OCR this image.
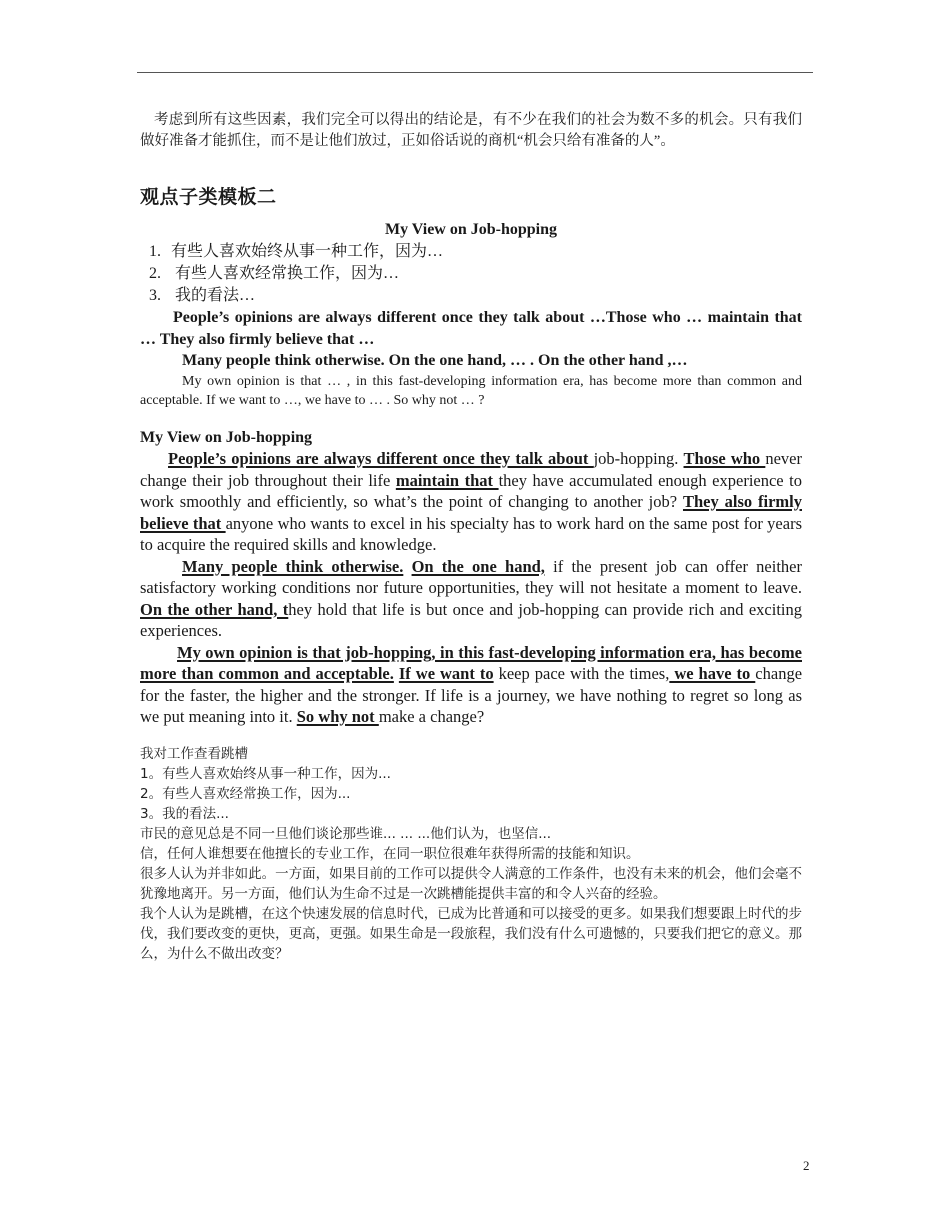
考虑到所有这些因素，我们完全可以得出的结论是，有不少在我们的社会为数不多的机会。只有我们做好准备才能抓住，而不是让他们放过，正如俗话说的商机“机会只给有准备的人”。

观点子类模板二

My View on Job-hopping

1. 有些人喜欢始终从事一种工作，因为…

2. 有些人喜欢经常换工作，因为…

3. 我的看法…

People’s opinions are always different once they talk about …Those who … maintain that … They also firmly believe that …

Many people think otherwise. On the one hand, … . On the other hand ,…

My own opinion is that … , in this fast-developing information era, has become more than common and acceptable. If we want to …, we have to … . So why not … ?

My View on Job-hopping

People’s opinions are always different once they talk about job-hopping. Those who never change their job throughout their life maintain that they have accumulated enough experience to work smoothly and efficiently, so what’s the point of changing to another job? They also firmly believe that anyone who wants to excel in his specialty has to work hard on the same post for years to acquire the required skills and knowledge.

Many people think otherwise. On the one hand, if the present job can offer neither satisfactory working conditions nor future opportunities, they will not hesitate a moment to leave. On the other hand, they hold that life is but once and job-hopping can provide rich and exciting experiences.

My own opinion is that job-hopping, in this fast-developing information era, has become more than common and acceptable. If we want to keep pace with the times, we have to change for the faster, the higher and the stronger. If life is a journey, we have nothing to regret so long as we put meaning into it. So why not make a change?

我对工作查看跳槽

1。有些人喜欢始终从事一种工作，因为...

2。有些人喜欢经常换工作，因为...

3。我的看法...

市民的意见总是不同一旦他们谈论那些谁... ... ...他们认为，也坚信...

信，任何人谁想要在他擅长的专业工作，在同一职位很难年获得所需的技能和知识。

很多人认为并非如此。一方面，如果目前的工作可以提供令人满意的工作条件，也没有未来的机会，他们会毫不犹豫地离开。另一方面，他们认为生命不过是一次跳槽能提供丰富的和令人兴奋的经验。

我个人认为是跳槽，在这个快速发展的信息时代，已成为比普通和可以接受的更多。如果我们想要跟上时代的步伐，我们要改变的更快，更高，更强。如果生命是一段旅程，我们没有什么可遗憾的，只要我们把它的意义。那么，为什么不做出改变？

2
